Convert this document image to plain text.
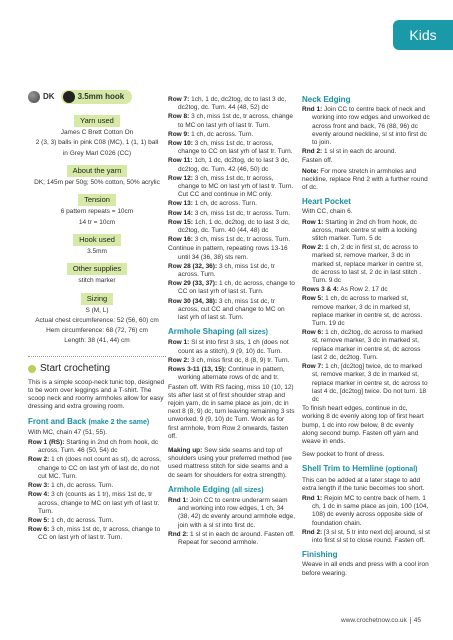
Kids
DK	3.5mm hook
Yarn used

James C Brett Cotton On

2 (3, 3) balls in pink C08 (MC), 1 (1, 1) ball

in Grey Marl C026 (CC)

About the yarn

DK; 145m per 50g; 50% cotton, 50% acrylic

Tension

6 pattern repeats = 10cm

14 tr = 10cm

Hook used

3.5mm

Other supplies

stitch marker

Sizing

S (M, L)

Actual chest circumference: 52 (56, 60) cm

Hem circumference: 68 (72, 76) cm

Length: 38 (41, 44) cm

Start crocheting

This is a simple scoop-neck tunic top, designed to be worn over leggings and a T-shirt. The scoop neck and roomy armholes allow for easy dressing and extra growing room.

Front and Back (make 2 the same)

With MC, chain 47 (51, 55).

Row 1 (RS): Starting in 2nd ch from hook, dc across. Turn. 46 (50, 54) dc

Row 2: 1 ch (does not count as st), dc across, change to CC on last yrh of last dc, do not cut MC. Turn.

Row 3: 1 ch, dc across. Turn.

Row 4: 3 ch (counts as 1 tr), miss 1st dc, tr across, change to MC on last yrh of last tr. Turn.

Row 5: 1 ch, dc across. Turn.

Row 6: 3 ch, miss 1st dc, tr across, change to CC on last yrh of last tr. Turn.

Row 7: 1ch, 1 dc, dc2tog, dc to last 3 dc, dc2tog, dc. Turn. 44 (48, 52) dc

Row 8: 3 ch, miss 1st dc, tr across, change to MC on last yrh of last tr. Turn.

Row 9: 1 ch, dc across. Turn.

Row 10: 3 ch, miss 1st dc, tr across, change to CC on last yrh of last tr. Turn.

Row 11: 1ch, 1 dc, dc2tog, dc to last 3 dc, dc2tog, dc. Turn. 42 (46, 50) dc

Row 12: 3 ch, miss 1st dc, tr across, change to MC on last yrh of last tr. Turn. Cut CC and continue in MC only.

Row 13: 1 ch, dc across. Turn.

Row 14: 3 ch, miss 1st dc, tr across. Turn.

Row 15: 1ch, 1 dc, dc2tog, dc to last 3 dc, dc2tog, dc. Turn. 40 (44, 48) dc

Row 16: 3 ch, miss 1st dc, tr across. Turn.

Continue in pattern, repeating rows 13-16 until 34 (36, 38) sts rem.

Row 28 (32, 36): 3 ch, miss 1st dc, tr across. Turn.

Row 29 (33, 37): 1 ch, dc across, change to CC on last yrh of last st. Turn.

Row 30 (34, 38): 3 ch, miss 1st dc, tr across, cut CC and change to MC on last yrh of last st. Turn.

Armhole Shaping (all sizes)

Row 1: Sl st into first 3 sts, 1 ch (does not count as a stitch), 9 (9, 10) dc. Turn.

Row 2: 3 ch, miss first dc, 8 (8, 9) tr. Turn.

Rows 3-11 (13, 15): Continue in pattern, working alternate rows of dc and tr.

Fasten off. With RS facing, miss 10 (10, 12) sts after last st of first shoulder strap and rejoin yarn, dc in same place as join, dc in next 8 (8, 9) dc, turn leaving remaining 3 sts unworked. 9 (9, 10) dc Turn. Work as for first armhole, from Row 2 onwards, fasten off.

Making up: Sew side seams and top of shoulders using your preferred method (we used mattress stitch for side seams and a dc seam for shoulders for extra strength).

Armhole Edging (all sizes)

Rnd 1: Join CC to centre underarm seam and working into row edges, 1 ch, 34 (38, 42) dc evenly around armhole edge, join with a sl st into first dc.

Rnd 2: 1 sl st in each dc around. Fasten off. Repeat for second armhole.

Neck Edging

Rnd 1: Join CC to centre back of neck and working into row edges and unworked dc across front and back, 76 (88, 96) dc evenly around neckline, sl st into first dc to join.

Rnd 2: 1 sl st in each dc around.

Fasten off.

Note: For more stretch in armholes and neckline, replace Rnd 2 with a further round of dc.

Heart Pocket

With CC, chain 6.

Row 1: Starting in 2nd ch from hook, dc across, mark centre st with a locking stitch marker. Turn. 5 dc

Row 2: 1 ch, 2 dc in first st, dc across to marked st, remove marker, 3 dc in marked st, replace marker in centre st, dc across to last st, 2 dc in last stitch . Turn. 9 dc

Rows 3 & 4: As Row 2. 17 dc

Row 5: 1 ch, dc across to marked st, remove marker, 3 dc in marked st, replace marker in centre st, dc across. Turn. 19 dc

Row 6: 1 ch, dc2tog, dc across to marked st, remove marker, 3 dc in marked st, replace marker in centre st, dc across last 2 dc, dc2tog. Turn.

Row 7: 1 ch, [dc2tog] twice, dc to marked st, remove marker, 3 dc in marked st, replace marker in centre st, dc across to last 4 dc, [dc2tog] twice. Do not turn. 18 dc

To finish heart edges, continue in dc, working 8 dc evenly along top of first heart bump, 1 dc into row below, 8 dc evenly along second bump. Fasten off yarn and weave in ends.

Sew pocket to front of dress.

Shell Trim to Hemline (optional)

This can be added at a later stage to add extra length if the tunic becomes too short.

Rnd 1: Rejoin MC to centre back of hem. 1 ch, 1 dc in same place as join, 100 (104, 108) dc evenly across opposite side of foundation chain.

Rnd 2: [3 sl st, 5 tr into next dc] around, sl st into first sl st to close round. Fasten off.

Finishing

Weave in all ends and press with a cool iron before wearing.

www.crochetnow.co.uk 45
